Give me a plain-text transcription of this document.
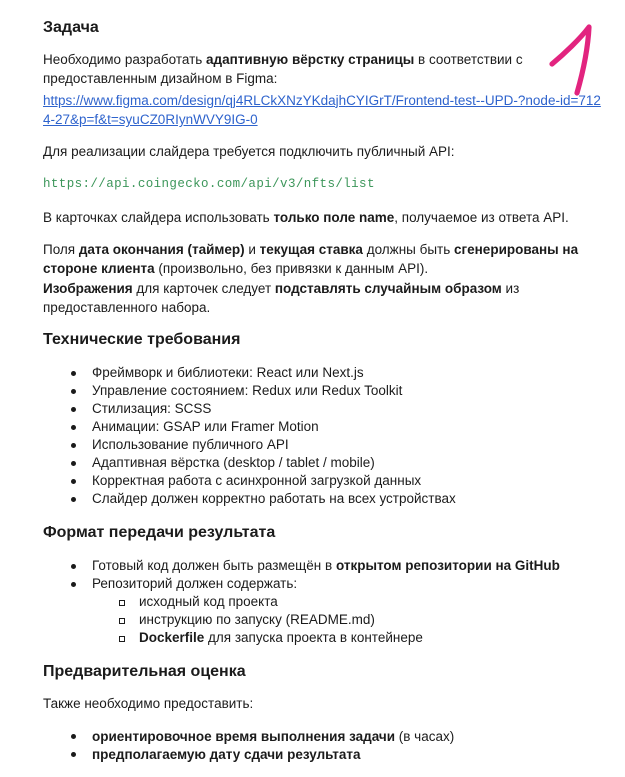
Задача

Необходимо разработать адаптивную вёрстку страницы в соответствии с предоставленным дизайном в Figma:

https://www.figma.com/design/qj4RLCkXNzYKdajhCYIGrT/Frontend-test--UPD-?node-id=7124-27&p=f&t=syuCZ0RIynWVY9IG-0

Для реализации слайдера требуется подключить публичный API:

https://api.coingecko.com/api/v3/nfts/list

В карточках слайдера использовать только поле name, получаемое из ответа API.

Поля дата окончания (таймер) и текущая ставка должны быть сгенерированы на стороне клиента (произвольно, без привязки к данным API).
Изображения для карточек следует подставлять случайным образом из предоставленного набора.

Технические требования
Фреймворк и библиотеки: React или Next.js
Управление состоянием: Redux или Redux Toolkit
Стилизация: SCSS
Анимации: GSAP или Framer Motion
Использование публичного API
Адаптивная вёрстка (desktop / tablet / mobile)
Корректная работа с асинхронной загрузкой данных
Слайдер должен корректно работать на всех устройствах
Формат передачи результата
Готовый код должен быть размещён в открытом репозитории на GitHub
Репозиторий должен содержать:
исходный код проекта
инструкцию по запуску (README.md)
Dockerfile для запуска проекта в контейнере
Предварительная оценка

Также необходимо предоставить:

ориентировочное время выполнения задачи (в часах)
предполагаемую дату сдачи результата
